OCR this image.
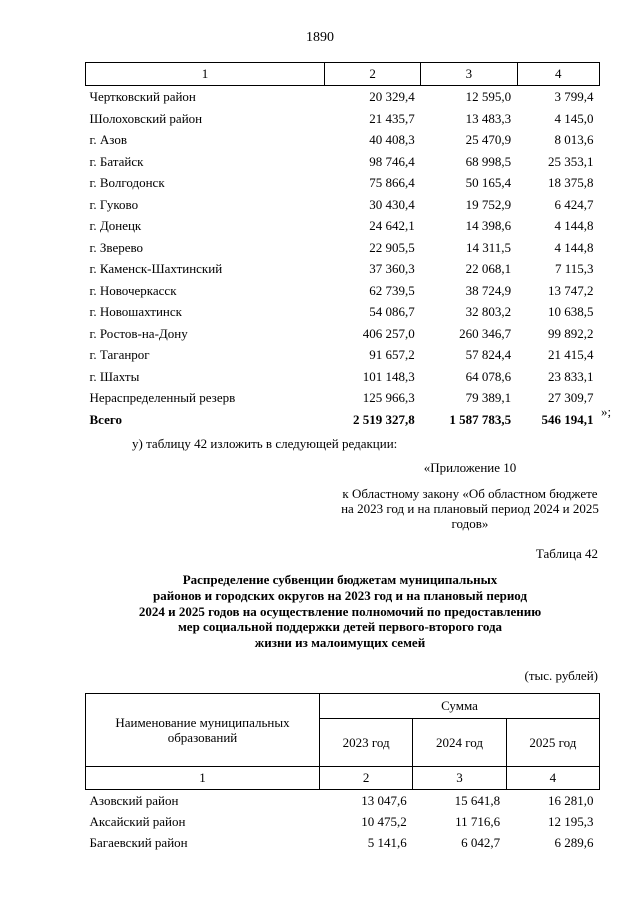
1890
1	2	3	4
Чертковский район	20 329,4	12 595,0	3 799,4
Шолоховский район	21 435,7	13 483,3	4 145,0
г. Азов	40 408,3	25 470,9	8 013,6
г. Батайск	98 746,4	68 998,5	25 353,1
г. Волгодонск	75 866,4	50 165,4	18 375,8
г. Гуково	30 430,4	19 752,9	6 424,7
г. Донецк	24 642,1	14 398,6	4 144,8
г. Зверево	22 905,5	14 311,5	4 144,8
г. Каменск-Шахтинский	37 360,3	22 068,1	7 115,3
г. Новочеркасск	62 739,5	38 724,9	13 747,2
г. Новошахтинск	54 086,7	32 803,2	10 638,5
г. Ростов-на-Дону	406 257,0	260 346,7	99 892,2
г. Таганрог	91 657,2	57 824,4	21 415,4
г. Шахты	101 148,3	64 078,6	23 833,1
Нераспределенный резерв	125 966,3	79 389,1	27 309,7
Всего	2 519 327,8	1 587 783,5	546 194,1 »;
у) таблицу 42 изложить в следующей редакции:
«Приложение 10
к Областному закону «Об областном бюджете на 2023 год и на плановый период 2024 и 2025 годов»
Таблица 42
Распределение субвенции бюджетам муниципальных
районов и городских округов на 2023 год и на плановый период
2024 и 2025 годов на осуществление полномочий по предоставлению
мер социальной поддержки детей первого-второго года
жизни из малоимущих семей
(тыс. рублей)
Наименование муниципальных образований	Сумма		
	2023 год	2024 год	2025 год
1	2	3	4
Азовский район	13 047,6	15 641,8	16 281,0
Аксайский район	10 475,2	11 716,6	12 195,3
Багаевский район	5 141,6	6 042,7	6 289,6
